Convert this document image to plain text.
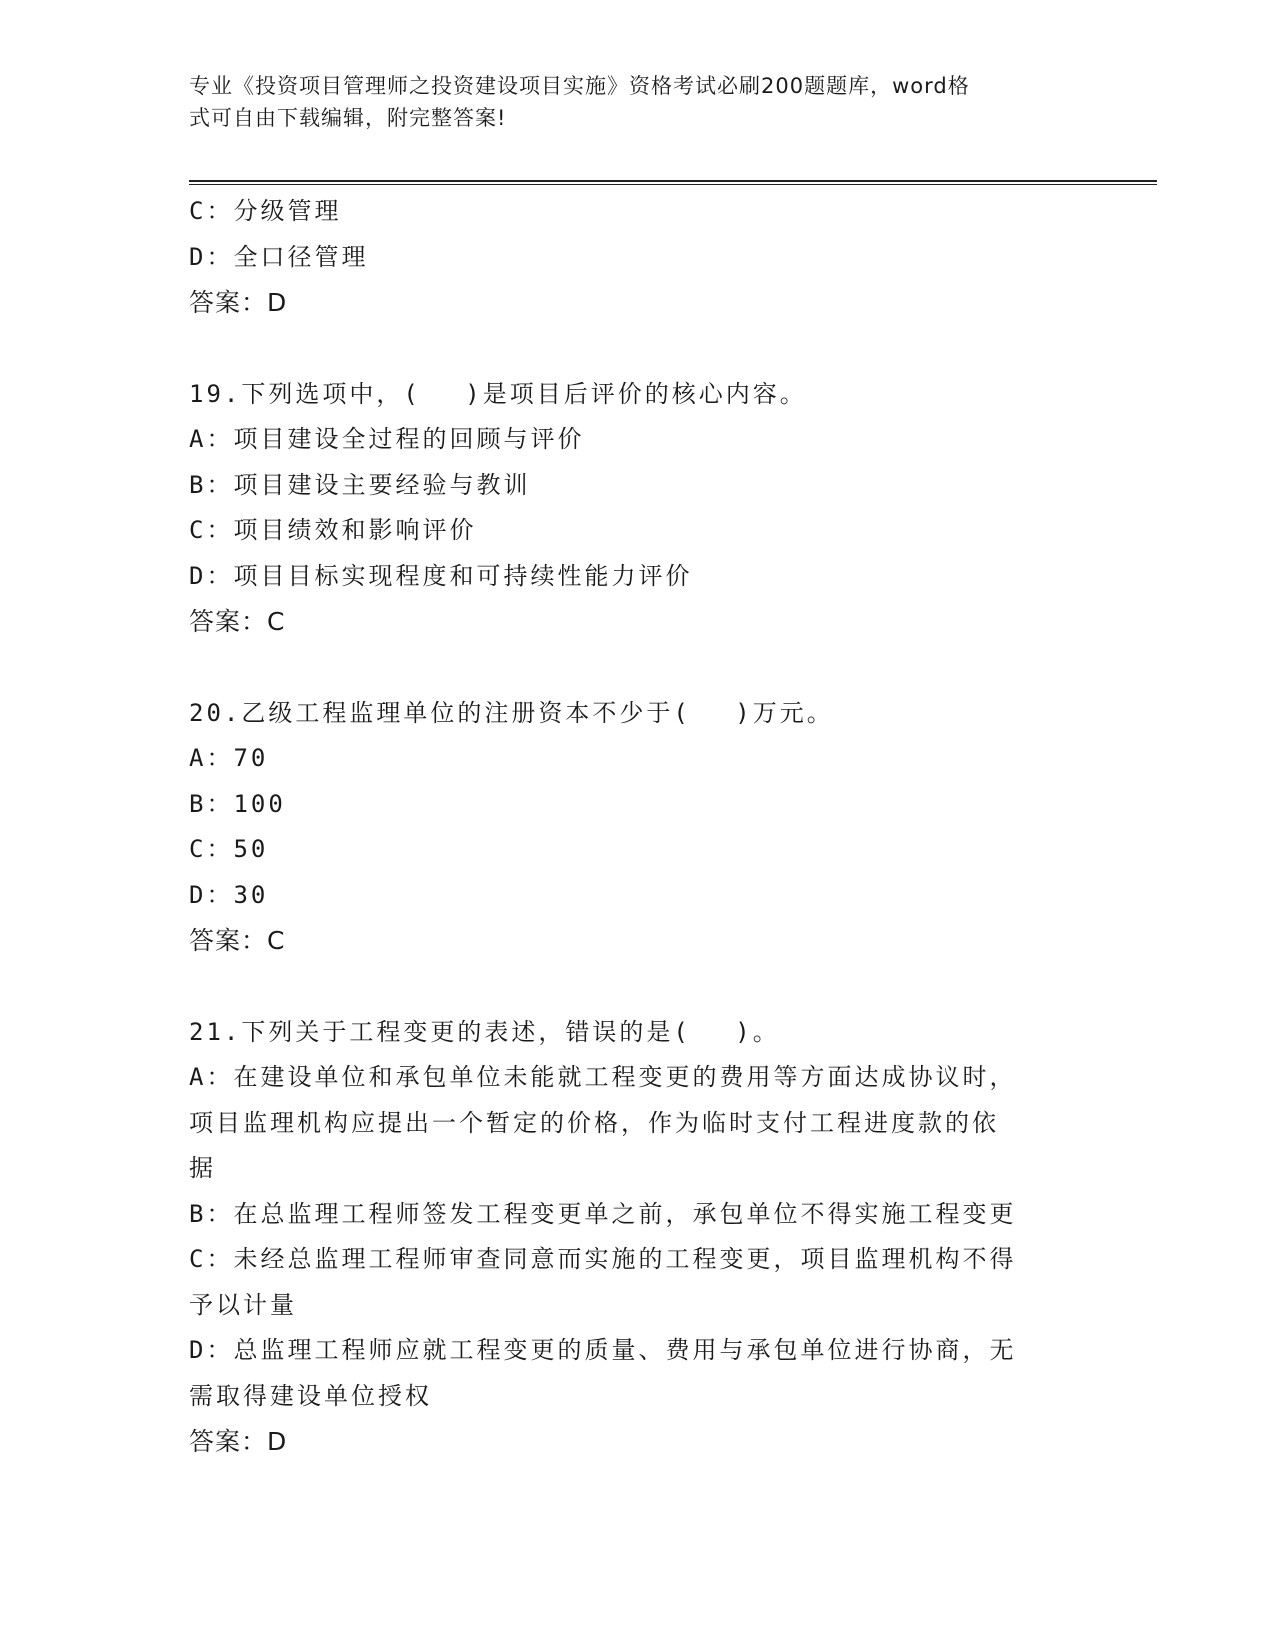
专业《投资项目管理师之投资建设项目实施》资格考试必刷200题题库，word格
式可自由下载编辑，附完整答案!
C：分级管理
D：全口径管理
答案：D
19.下列选项中，(　 )是项目后评价的核心内容。
A：项目建设全过程的回顾与评价
B：项目建设主要经验与教训
C：项目绩效和影响评价
D：项目目标实现程度和可持续性能力评价
答案：C
20.乙级工程监理单位的注册资本不少于(　 )万元。
A：70
B：100
C：50
D：30
答案：C
21.下列关于工程变更的表述，错误的是(　 )。
A：在建设单位和承包单位未能就工程变更的费用等方面达成协议时，
项目监理机构应提出一个暂定的价格，作为临时支付工程进度款的依
据
B：在总监理工程师签发工程变更单之前，承包单位不得实施工程变更
C：未经总监理工程师审查同意而实施的工程变更，项目监理机构不得
予以计量
D：总监理工程师应就工程变更的质量、费用与承包单位进行协商，无
需取得建设单位授权
答案：D
